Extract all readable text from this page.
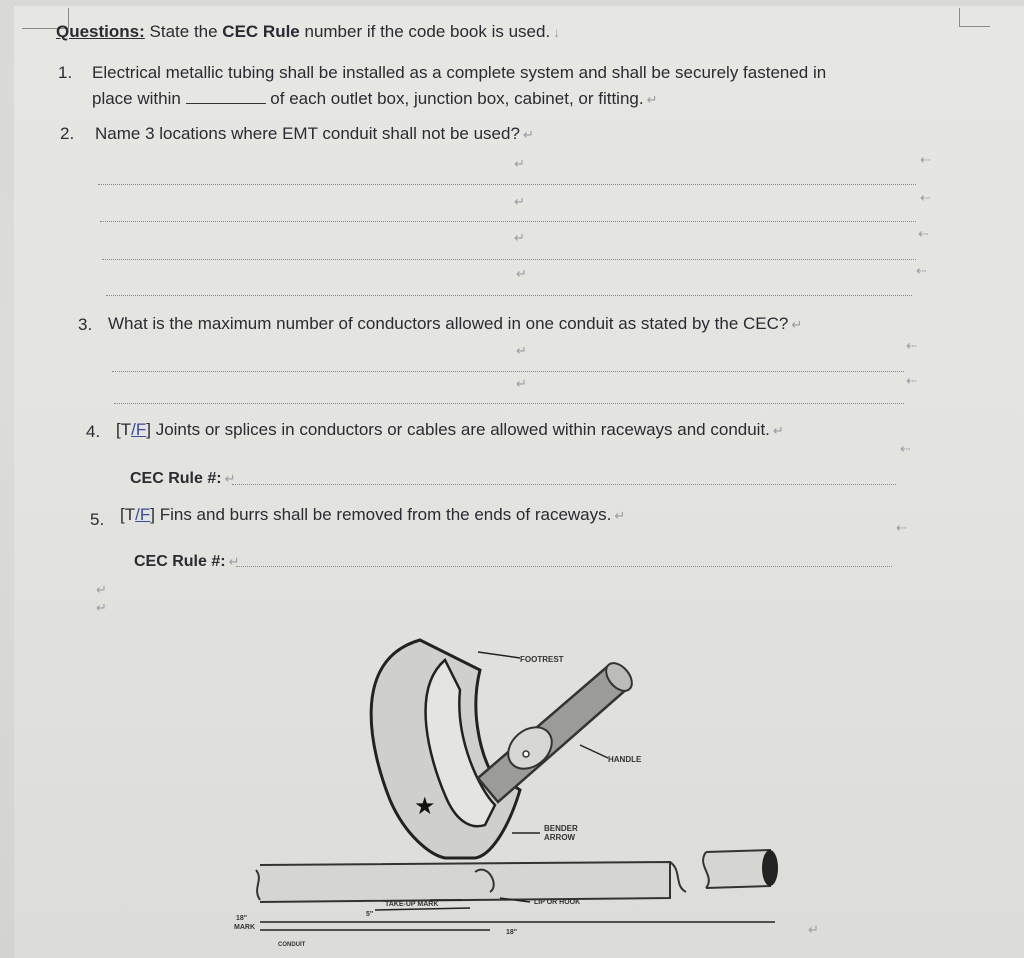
Questions: State the CEC Rule number if the code book is used. ↓
1. Electrical metallic tubing shall be installed as a complete system and shall be securely fastened in
place within	of each outlet box, junction box, cabinet, or fitting. ↵
2. Name 3 locations where EMT conduit shall not be used? ↵
↵	⇠
↵	⇠
↵	⇠
↵	⇠
3. What is the maximum number of conductors allowed in one conduit as stated by the CEC? ↵
↵	⇠
↵	⇠
4. [T/F] Joints or splices in conductors or cables are allowed within raceways and conduit. ↵
⇠
CEC Rule #: ↵
5. [T/F] Fins and burrs shall be removed from the ends of raceways. ↵
⇠
CEC Rule #: ↵
↵
↵
↵
★
FOOTREST
HANDLE
BENDER
ARROW
TAKE-UP MARK	LIP OR HOOK
5"
18"
18"
MARK
CONDUIT
